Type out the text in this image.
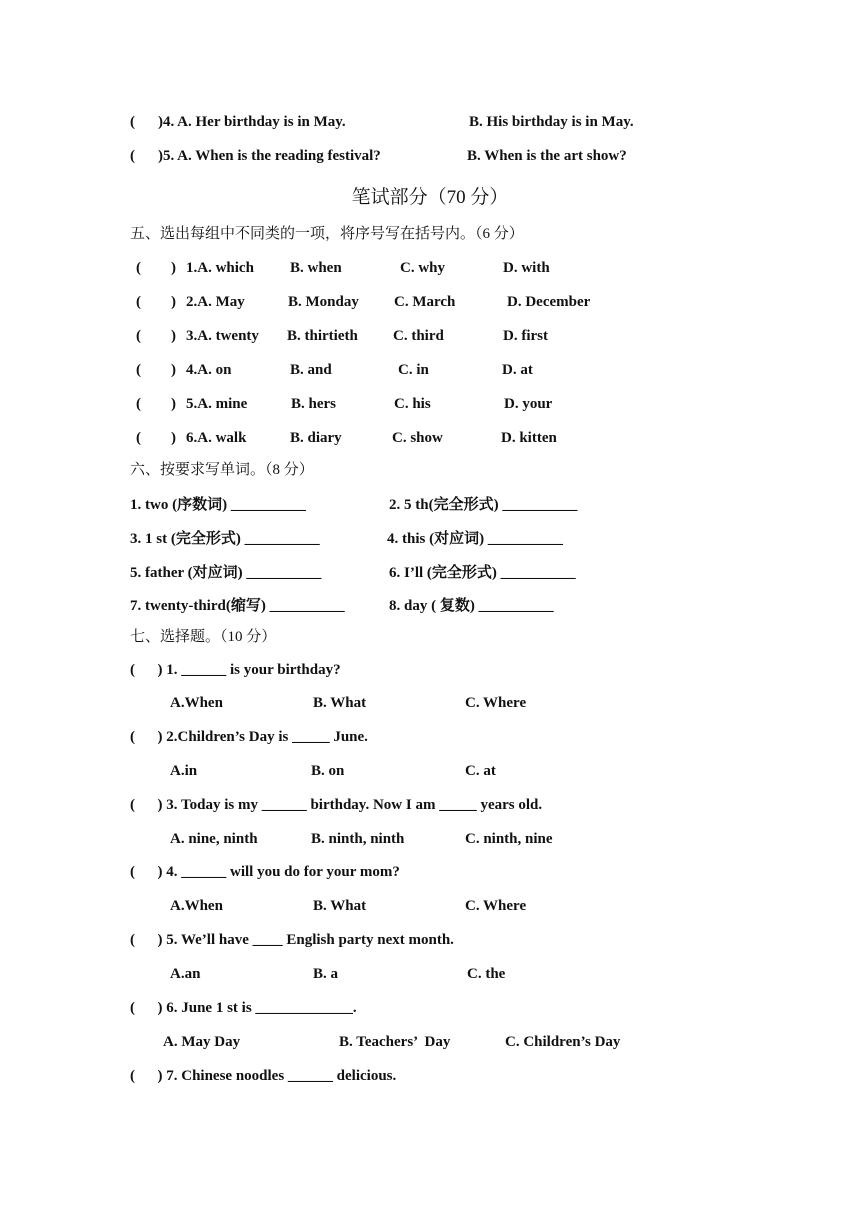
( )4. A. Her birthday is in May.	B. His birthday is in May.
( )5. A. When is the reading festival?	B. When is the art show?
笔试部分（70 分）
五、选出每组中不同类的一项，将序号写在括号内。（6 分）
(　　) 1.A. which B. when	C. why	D. with
(　　) 2.A. May	B. Monday C. March	D. December
(　　) 3.A. twenty B. thirtieth C. third	D. first
(　　) 4.A. on	B. and	C. in	D. at
(　　) 5.A. mine	B. hers	C. his	D. your
(　　) 6.A. walk	B. diary	C. show	D. kitten
六、按要求写单词。（8 分）
1. two (序数词) __________	2. 5 th(完全形式) __________
3. 1 st (完全形式) __________	4. this (对应词) __________
5. father (对应词) __________	6. I’ll (完全形式) __________
7. twenty-third(缩写) __________	8. day ( 复数) __________
七、选择题。（10 分）
(      ) 1. ______ is your birthday?
A.When	B. What	C. Where
(      ) 2.Children’s Day is _____ June.
A.in	B. on	C. at
(      ) 3. Today is my ______ birthday. Now I am _____ years old.
A. nine, ninth	B. ninth, ninth	C. ninth, nine
(      ) 4. ______ will you do for your mom?
A.When	B. What	C. Where
(      ) 5. We’ll have ____ English party next month.
A.an	B. a	C. the
(      ) 6. June 1 st is _____________.
A. May Day	B. Teachers’  Day	C. Children’s Day
(      ) 7. Chinese noodles ______ delicious.
